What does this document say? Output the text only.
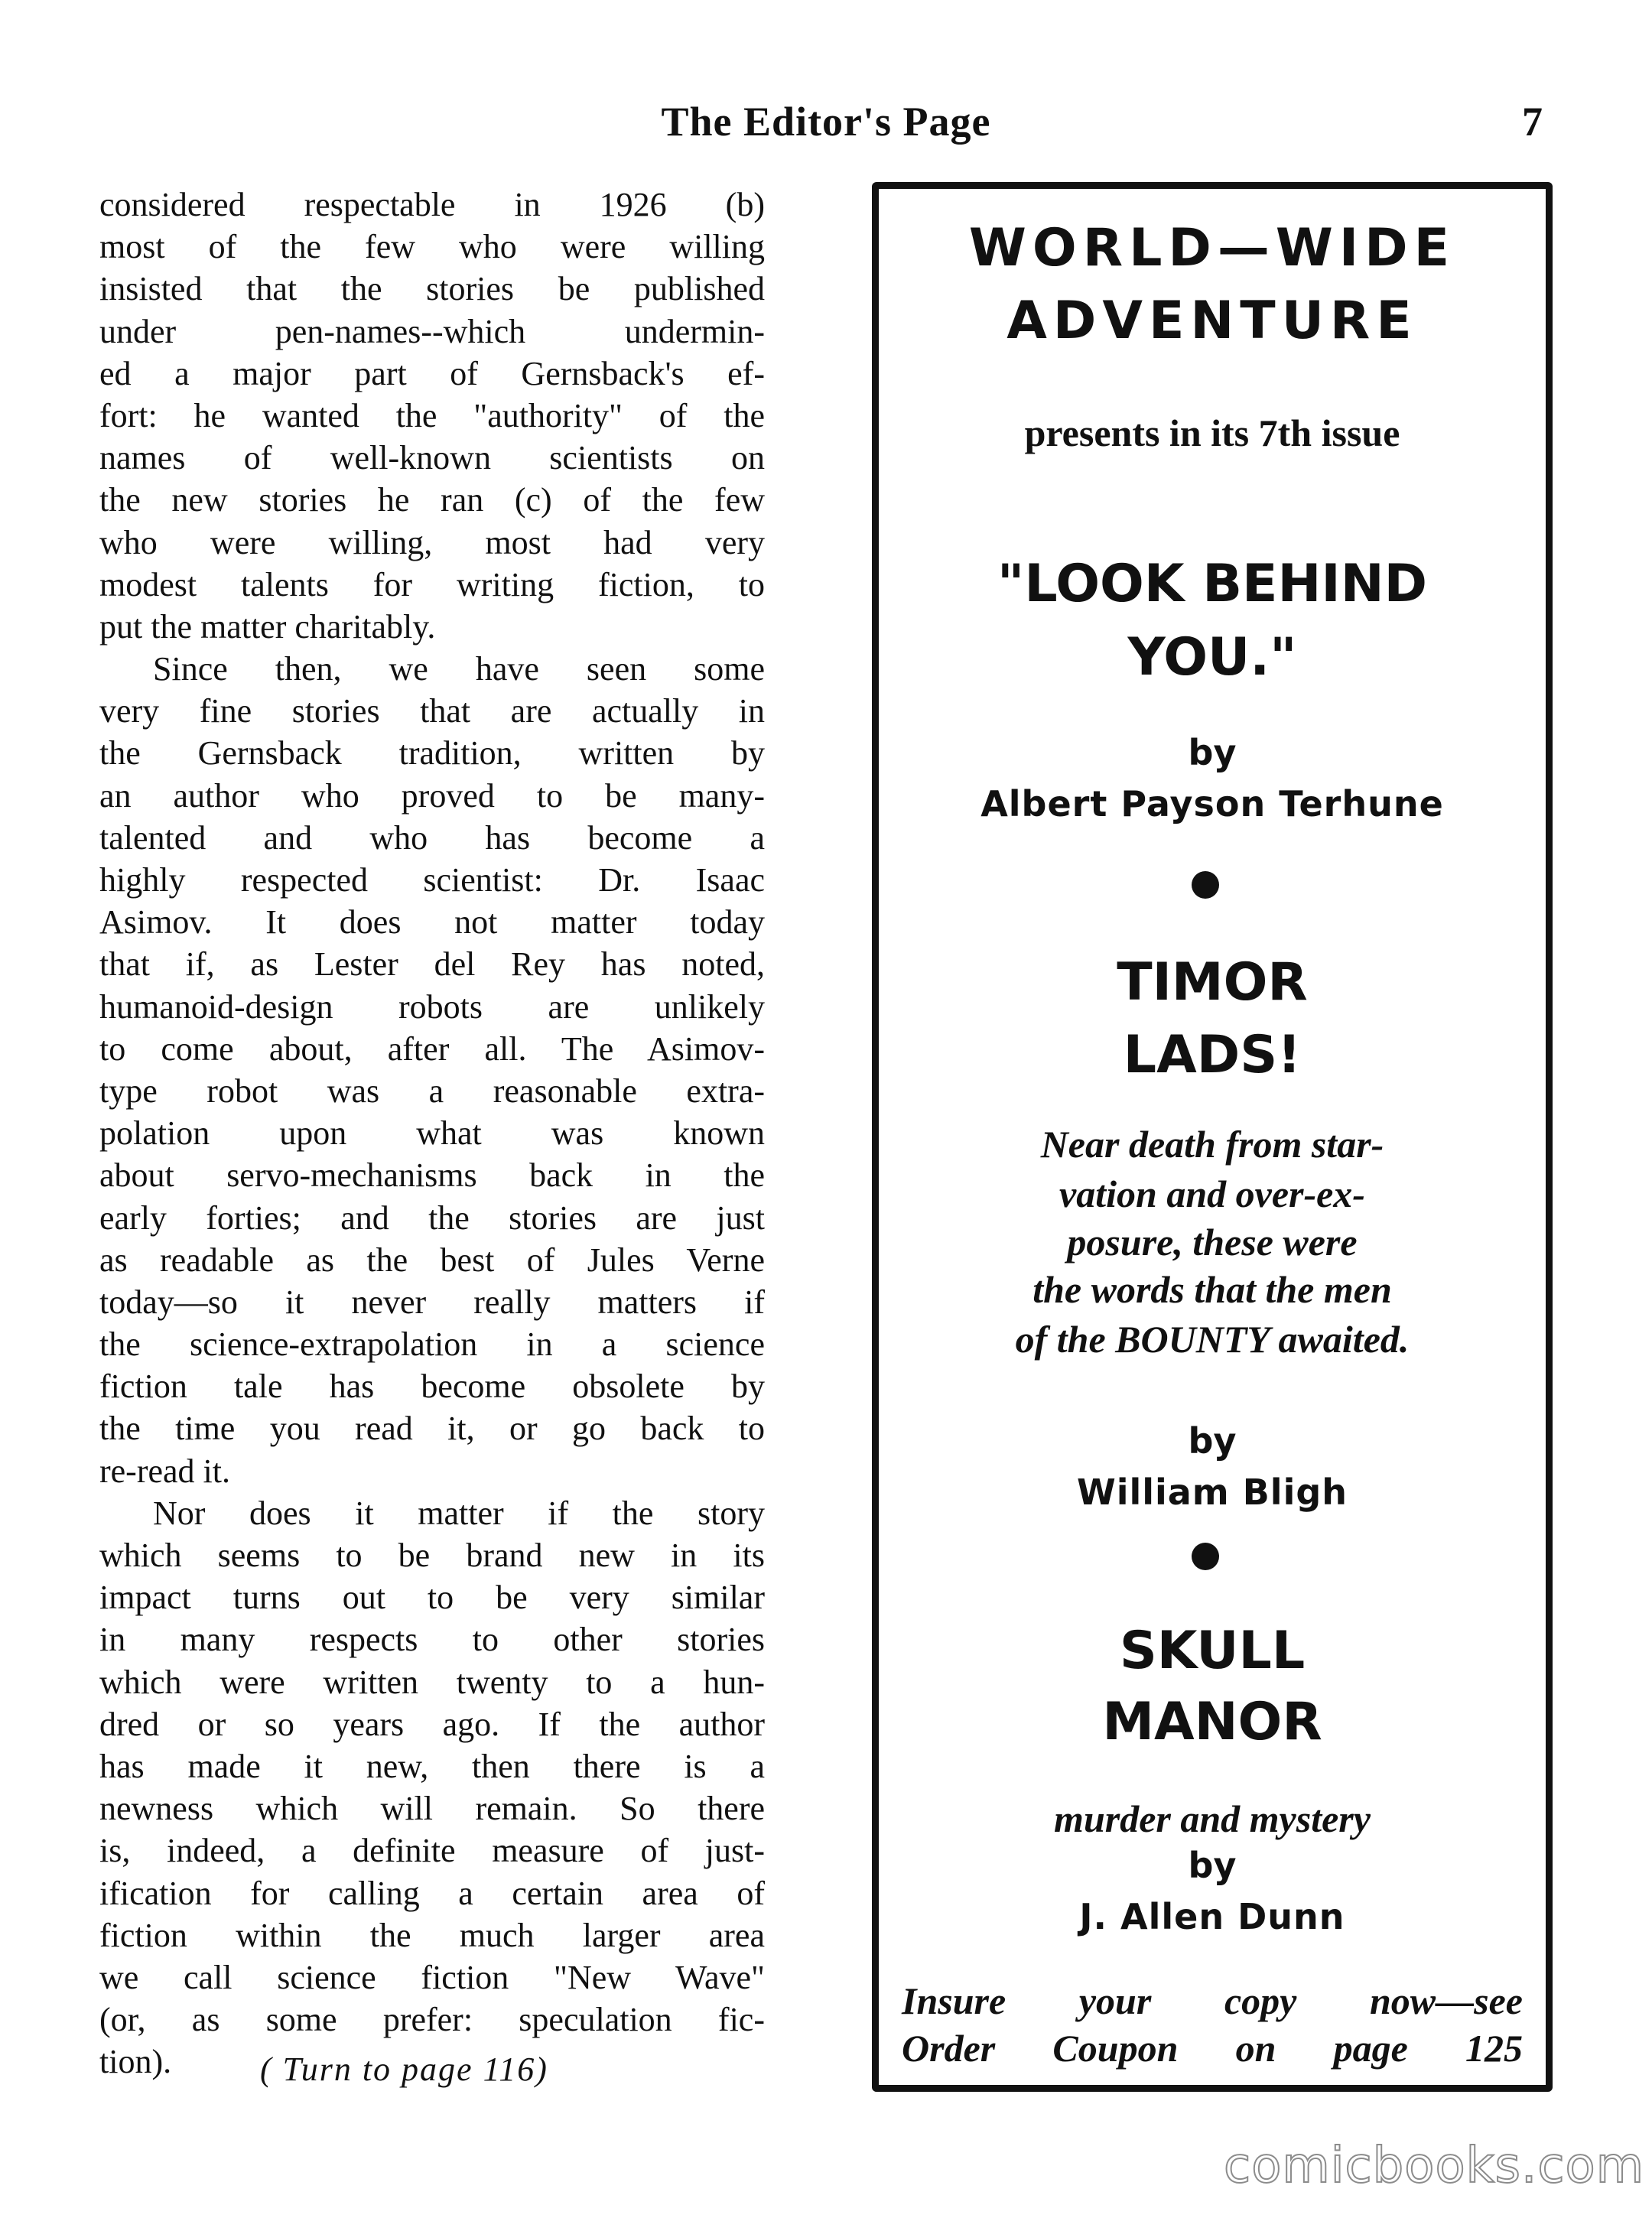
The Editor's Page	7
considered respectable in 1926 (b)
most of the few who were willing
insisted that the stories be published
under pen-names--which undermin-
ed a major part of Gernsback's ef-
fort: he wanted the "authority" of the
names of well-known scientists on
the new stories he ran (c) of the few
who were willing, most had very
modest talents for writing fiction, to
put the matter charitably.
Since then, we have seen some
very fine stories that are actually in
the Gernsback tradition, written by
an author who proved to be many-
talented and who has become a
highly respected scientist: Dr. Isaac
Asimov. It does not matter today
that if, as Lester del Rey has noted,
humanoid-design robots are unlikely
to come about, after all. The Asimov-
type robot was a reasonable extra-
polation upon what was known
about servo-mechanisms back in the
early forties; and the stories are just
as readable as the best of Jules Verne
today—so it never really matters if
the science-extrapolation in a science
fiction tale has become obsolete by
the time you read it, or go back to
re-read it.
Nor does it matter if the story
which seems to be brand new in its
impact turns out to be very similar
in many respects to other stories
which were written twenty to a hun-
dred or so years ago. If the author
has made it new, then there is a
newness which will remain. So there
is, indeed, a definite measure of just-
ification for calling a certain area of
fiction within the much larger area
we call science fiction "New Wave"
(or, as some prefer: speculation fic-
tion).	( Turn to page 116)
WORLD—WIDE
ADVENTURE
presents in its 7th issue
"LOOK BEHIND
YOU."
by
Albert Payson Terhune
TIMOR
LADS!
Near death from star-
vation and over-ex-
posure, these were
the words that the men
of the BOUNTY awaited.
by
William Bligh
SKULL
MANOR
murder and mystery
by
J. Allen Dunn
Insure your copy now—see
Order Coupon on page 125
comicbooks.com
